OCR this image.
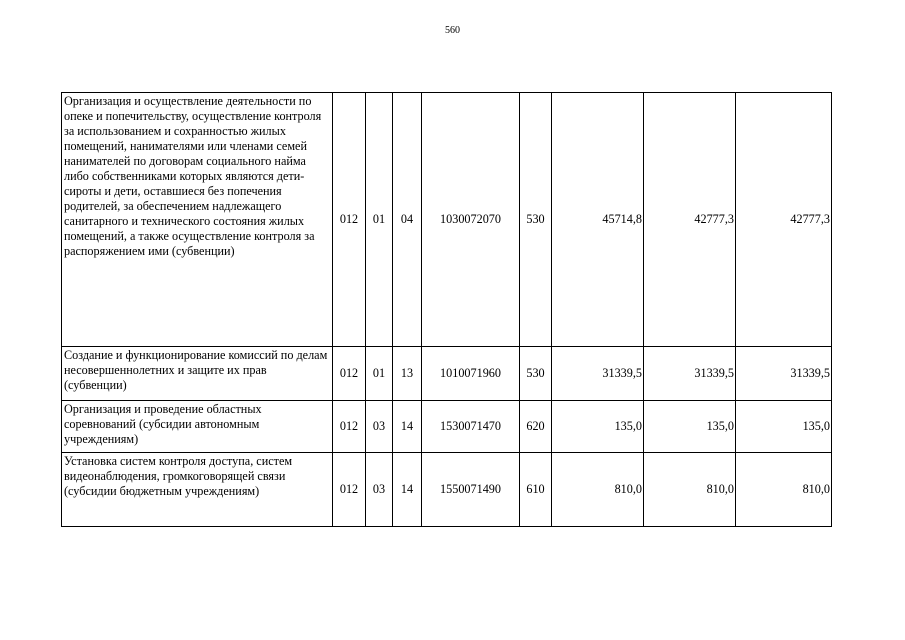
560
Организация и осуществление деятельности по опеке и попечительству, осуществление контроля за использованием и сохранностью жилых помещений, нанимателями или членами семей нанимателей по договорам социального найма либо собственниками которых являются дети-сироты и дети, оставшиеся без попечения родителей, за обеспечением надлежащего санитарного и технического состояния жилых помещений, а также осуществление контроля за распоряжением ими (субвенции)	012	01	04	1030072070	530	45714,8	42777,3	42777,3
Создание и функционирование комиссий по делам несовершеннолетних и защите их прав (субвенции)	012	01	13	1010071960	530	31339,5	31339,5	31339,5
Организация и проведение областных соревнований (субсидии автономным учреждениям)	012	03	14	1530071470	620	135,0	135,0	135,0
Установка систем контроля доступа, систем видеонаблюдения, громкоговорящей связи (субсидии бюджетным учреждениям)	012	03	14	1550071490	610	810,0	810,0	810,0
